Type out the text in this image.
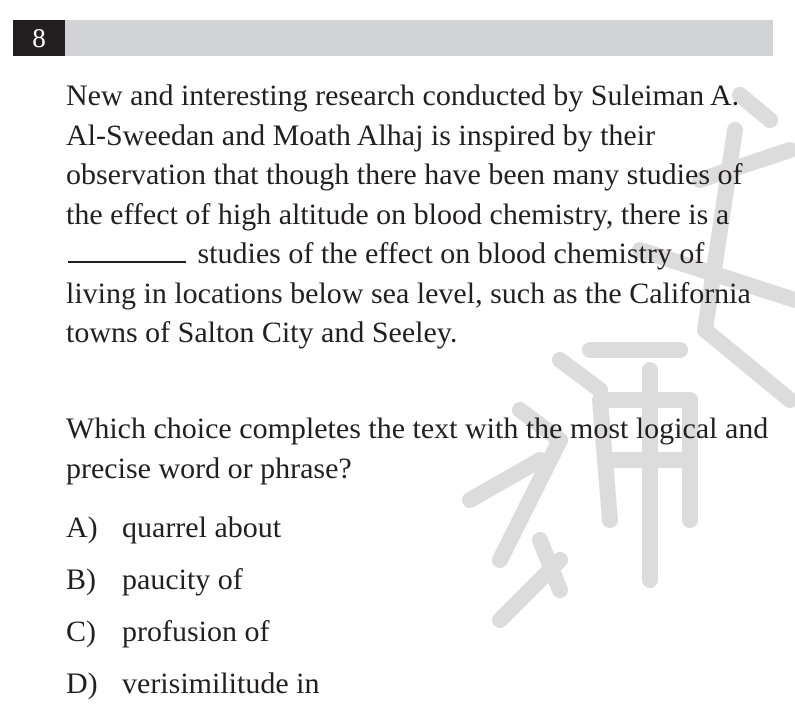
8

New and interesting research conducted by Suleiman A. Al-Sweedan and Moath Alhaj is inspired by their observation that though there have been many studies of the effect of high altitude on blood chemistry, there is a  studies of the effect on blood chemistry of living in locations below sea level, such as the California towns of Salton City and Seeley.

Which choice completes the text with the most logical and precise word or phrase?

A) quarrel about
B) paucity of
C) profusion of
D) verisimilitude in
